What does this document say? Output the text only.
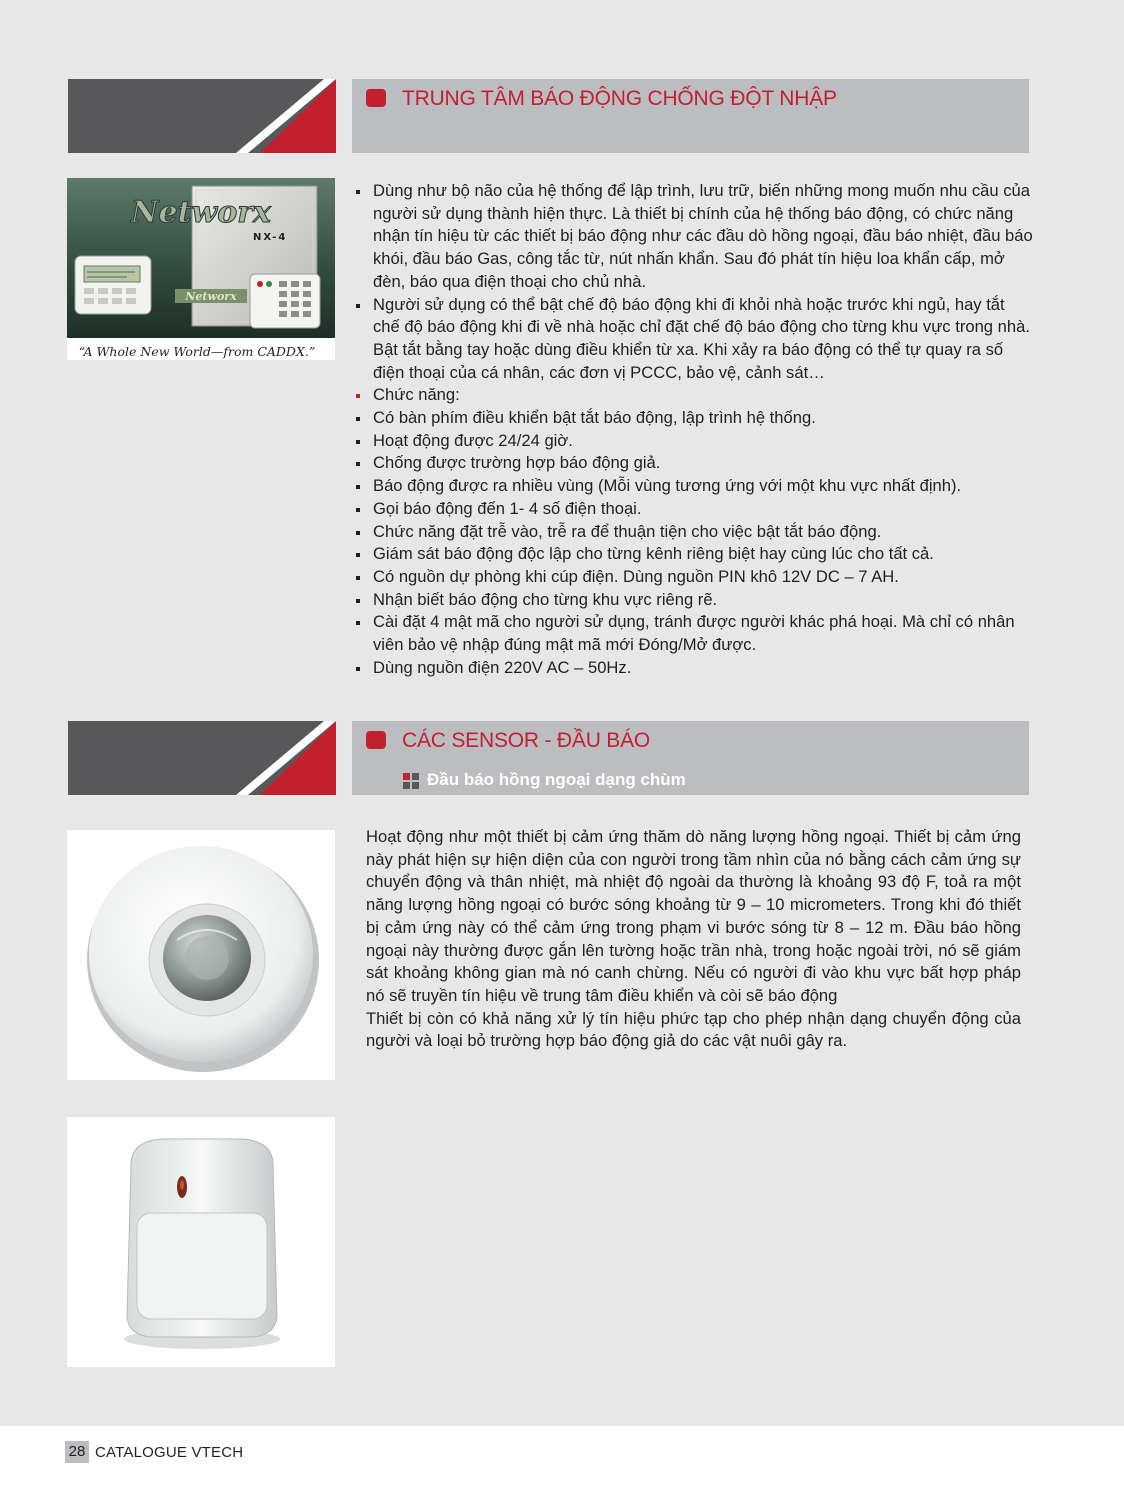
TRUNG TÂM BÁO ĐỘNG CHỐNG ĐỘT NHẬP
Networx
Networx
NX-4
“A Whole New World—from CADDX.”
Dùng như bộ não của hệ thống để lập trình, lưu trữ, biến những mong muốn nhu cầu của người sử dụng thành hiện thực. Là thiết bị chính của hệ thống báo động, có chức năng nhận tín hiệu từ các thiết bị báo động như các đầu dò hồng ngoại, đầu báo nhiệt, đầu báo khói, đầu báo Gas, công tắc từ, nút nhấn khẩn. Sau đó phát tín hiệu loa khẩn cấp, mở đèn, báo qua điện thoại cho chủ nhà.
Người sử dụng có thể bật chế độ báo động khi đi khỏi nhà hoặc trước khi ngủ, hay tắt chế độ báo động khi đi về nhà hoặc chỉ đặt chế độ báo động cho từng khu vực trong nhà. Bật tắt bằng tay hoặc dùng điều khiển từ xa. Khi xảy ra báo động có thể tự quay ra số điện thoại của cá nhân, các đơn vị PCCC, bảo vệ, cảnh sát…
Chức năng:
Có bàn phím điều khiển bật tắt báo động, lập trình hệ thống.
Hoạt động được 24/24 giờ.
Chống được trường hợp báo động giả.
Báo động được ra nhiều vùng (Mỗi vùng tương ứng với một khu vực nhất định).
Gọi báo động đến 1- 4 số điện thoại.
Chức năng đặt trễ vào, trễ ra để thuận tiện cho việc bật tắt báo động.
Giám sát báo động độc lập cho từng kênh riêng biệt hay cùng lúc cho tất cả.
Có nguồn dự phòng khi cúp điện. Dùng nguồn PIN khô 12V DC – 7 AH.
Nhận biết báo động cho từng khu vực riêng rẽ.
Cài đặt 4 mật mã cho người sử dụng, tránh được người khác phá hoại. Mà chỉ có nhân viên bảo vệ nhập đúng mật mã mới Đóng/Mở được.
Dùng nguồn điện 220V AC – 50Hz.
CÁC SENSOR - ĐẦU BÁO
Đầu báo hồng ngoại dạng chùm

Hoạt động như một thiết bị cảm ứng thăm dò năng lượng hồng ngoại. Thiết bị cảm ứng này phát hiện sự hiện diện của con người trong tầm nhìn của nó bằng cách cảm ứng sự chuyển động và thân nhiệt, mà nhiệt độ ngoài da thường là khoảng 93 độ F, toả ra một năng lượng hồng ngoại có bước sóng khoảng từ 9 – 10 micrometers. Trong khi đó thiết bị cảm ứng này có thể cảm ứng trong phạm vi bước sóng từ 8 – 12 m. Đầu báo hồng ngoại này thường được gắn lên tường hoặc trần nhà, trong hoặc ngoài trời, nó sẽ giám sát khoảng không gian mà nó canh chừng. Nếu có người đi vào khu vực bất hợp pháp nó sẽ truyền tín hiệu về trung tâm điều khiển và còi sẽ báo động

Thiết bị còn có khả năng xử lý tín hiệu phức tạp cho phép nhận dạng chuyển động của người và loại bỏ trường hợp báo động giả do các vật nuôi gây ra.

28 CATALOGUE VTECH
